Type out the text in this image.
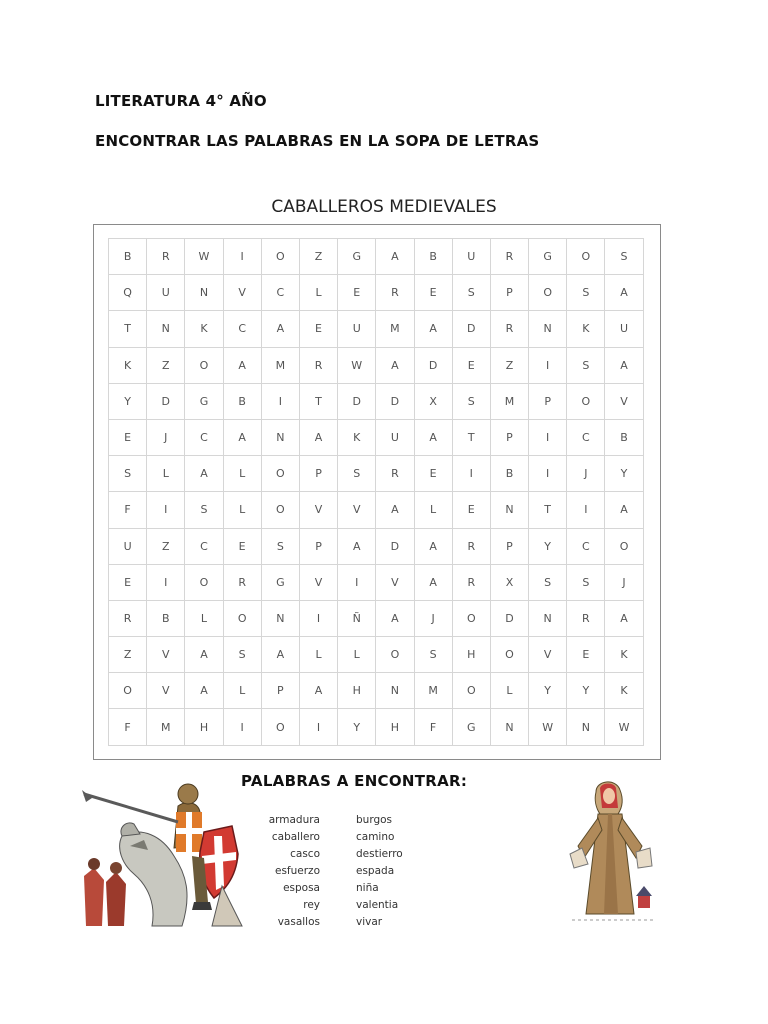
LITERATURA 4° AÑO
ENCONTRAR LAS PALABRAS EN LA SOPA DE LETRAS
CABALLEROS MEDIEVALES
B	R	W	I	O	Z	G	A	B	U	R	G	O	S
Q	U	N	V	C	L	E	R	E	S	P	O	S	A
T	N	K	C	A	E	U	M	A	D	R	N	K	U
K	Z	O	A	M	R	W	A	D	E	Z	I	S	A
Y	D	G	B	I	T	D	D	X	S	M	P	O	V
E	J	C	A	N	A	K	U	A	T	P	I	C	B
S	L	A	L	O	P	S	R	E	I	B	I	J	Y
F	I	S	L	O	V	V	A	L	E	N	T	I	A
U	Z	C	E	S	P	A	D	A	R	P	Y	C	O
E	I	O	R	G	V	I	V	A	R	X	S	S	J
R	B	L	O	N	I	Ñ	A	J	O	D	N	R	A
Z	V	A	S	A	L	L	O	S	H	O	V	E	K
O	V	A	L	P	A	H	N	M	O	L	Y	Y	K
F	M	H	I	O	I	Y	H	F	G	N	W	N	W
PALABRAS A ENCONTRAR:
armadura
caballero
casco
esfuerzo
esposa
rey
vasallos
burgos
camino
destierro
espada
niña
valentia
vivar
